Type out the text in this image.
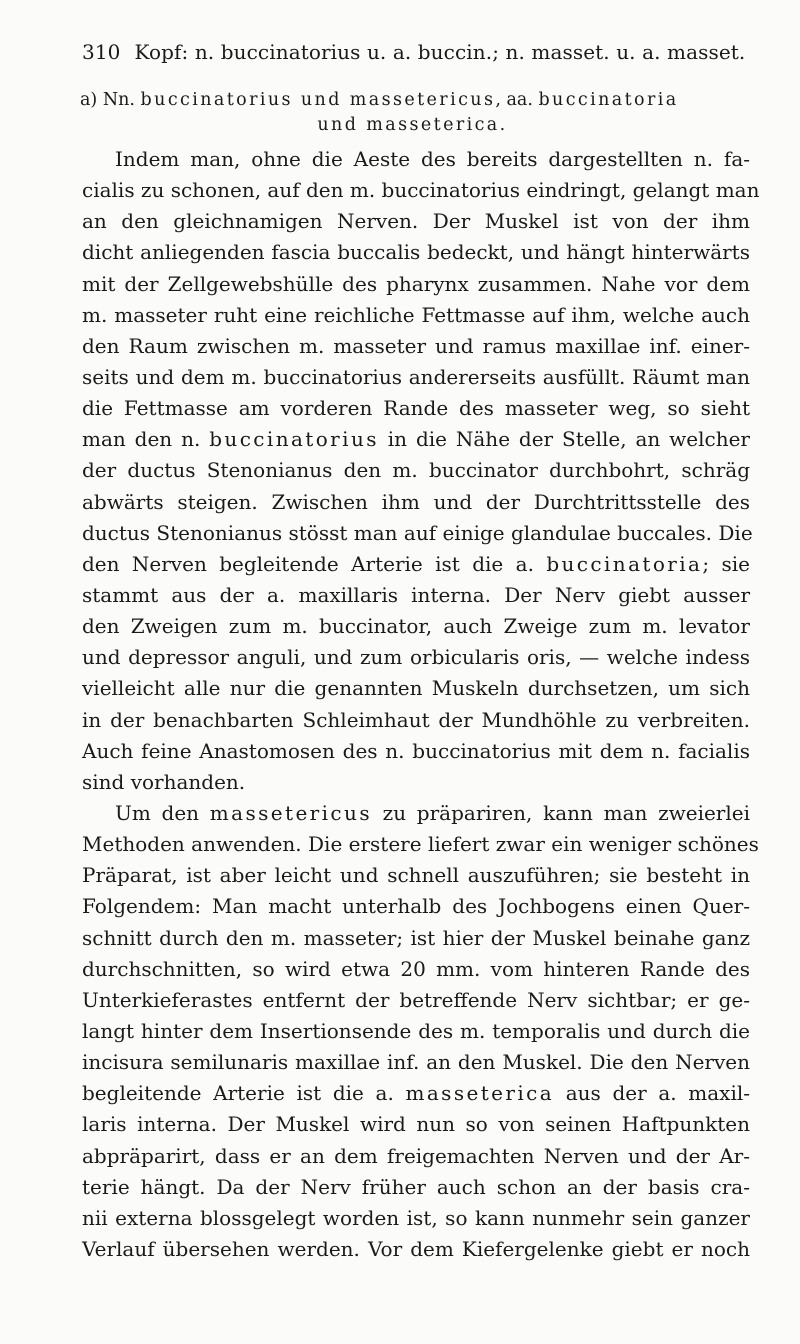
310 Kopf: n. buccinatorius u. a. buccin.; n. masset. u. a. masset.
a) Nn. buccinatorius und massetericus, aa. buccinatoria
und masseterica.
Indem man, ohne die Aeste des bereits dargestellten n. fa-
cialis zu schonen, auf den m. buccinatorius eindringt, gelangt man
an den gleichnamigen Nerven. Der Muskel ist von der ihm
dicht anliegenden fascia buccalis bedeckt, und hängt hinterwärts
mit der Zellgewebshülle des pharynx zusammen. Nahe vor dem
m. masseter ruht eine reichliche Fettmasse auf ihm, welche auch
den Raum zwischen m. masseter und ramus maxillae inf. einer-
seits und dem m. buccinatorius andererseits ausfüllt. Räumt man
die Fettmasse am vorderen Rande des masseter weg, so sieht
man den n. buccinatorius in die Nähe der Stelle, an welcher
der ductus Stenonianus den m. buccinator durchbohrt, schräg
abwärts steigen. Zwischen ihm und der Durchtrittsstelle des
ductus Stenonianus stösst man auf einige glandulae buccales. Die
den Nerven begleitende Arterie ist die a. buccinatoria; sie
stammt aus der a. maxillaris interna. Der Nerv giebt ausser
den Zweigen zum m. buccinator, auch Zweige zum m. levator
und depressor anguli, und zum orbicularis oris, — welche indess
vielleicht alle nur die genannten Muskeln durchsetzen, um sich
in der benachbarten Schleimhaut der Mundhöhle zu verbreiten.
Auch feine Anastomosen des n. buccinatorius mit dem n. facialis
sind vorhanden.
Um den massetericus zu präpariren, kann man zweierlei
Methoden anwenden. Die erstere liefert zwar ein weniger schönes
Präparat, ist aber leicht und schnell auszuführen; sie besteht in
Folgendem: Man macht unterhalb des Jochbogens einen Quer-
schnitt durch den m. masseter; ist hier der Muskel beinahe ganz
durchschnitten, so wird etwa 20 mm. vom hinteren Rande des
Unterkieferastes entfernt der betreffende Nerv sichtbar; er ge-
langt hinter dem Insertionsende des m. temporalis und durch die
incisura semilunaris maxillae inf. an den Muskel. Die den Nerven
begleitende Arterie ist die a. masseterica aus der a. maxil-
laris interna. Der Muskel wird nun so von seinen Haftpunkten
abpräparirt, dass er an dem freigemachten Nerven und der Ar-
terie hängt. Da der Nerv früher auch schon an der basis cra-
nii externa blossgelegt worden ist, so kann nunmehr sein ganzer
Verlauf übersehen werden. Vor dem Kiefergelenke giebt er noch
